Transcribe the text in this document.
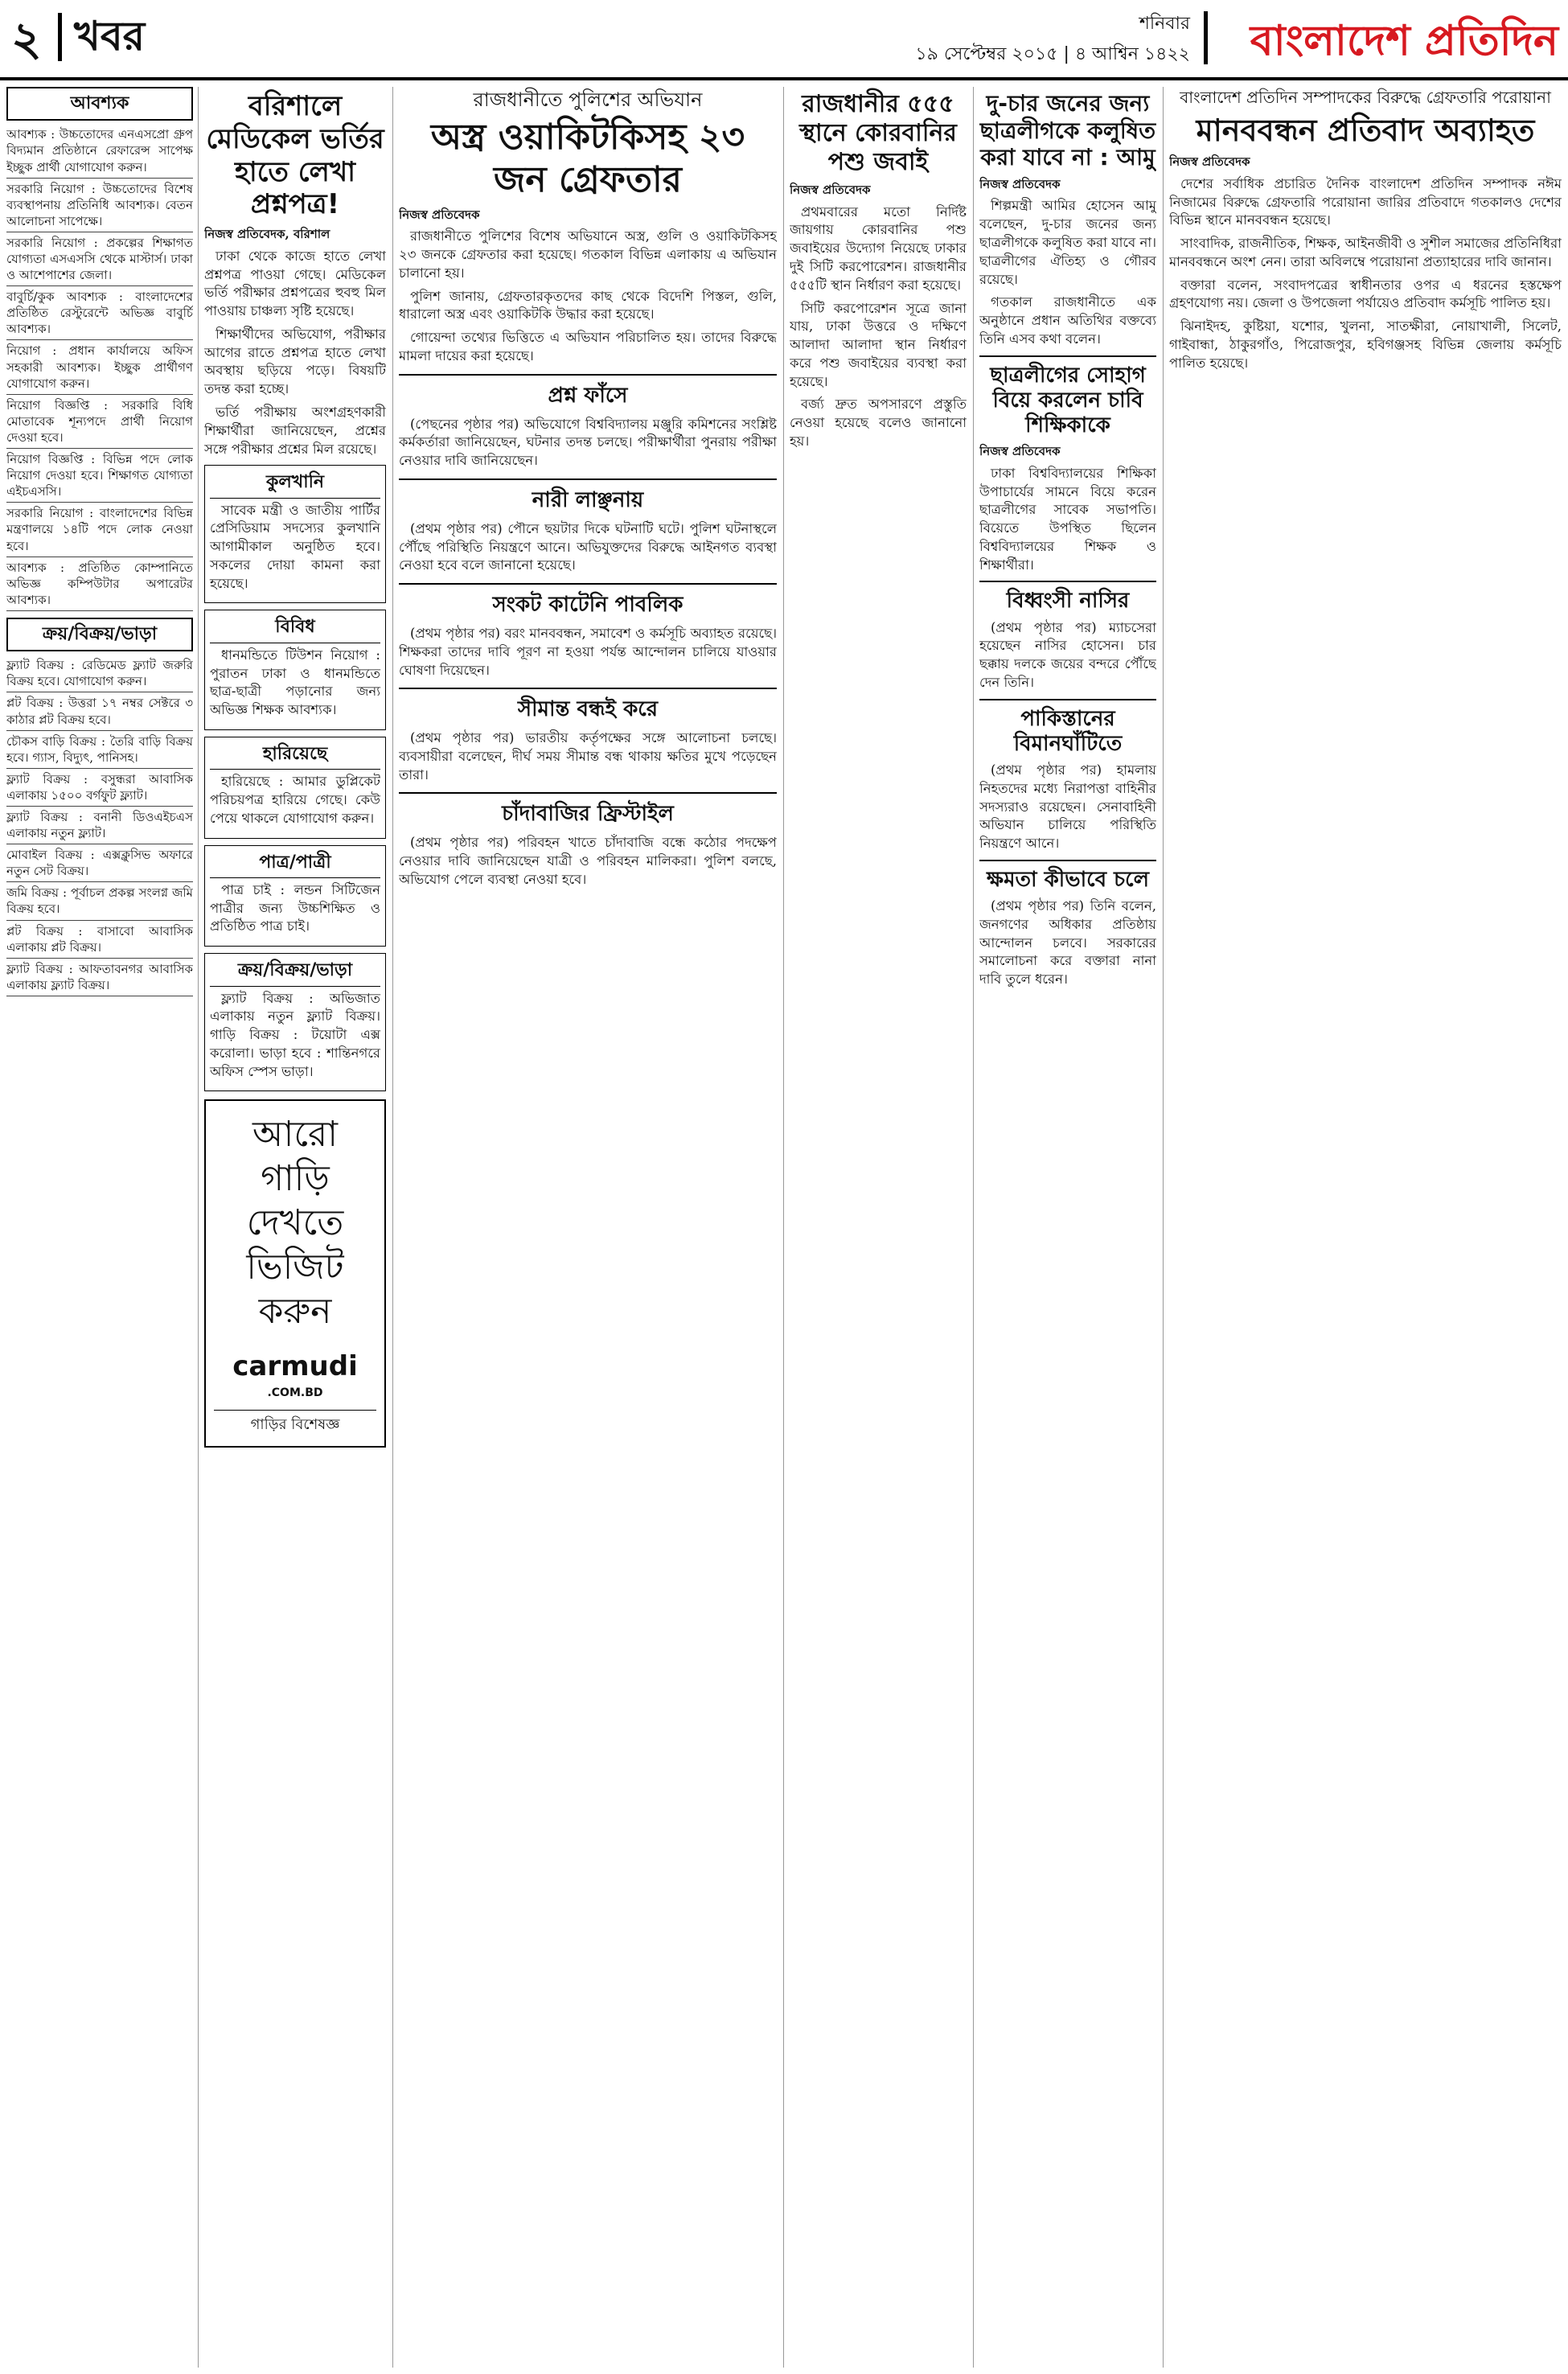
২ খবর	শনিবার
১৯ সেপ্টেম্বর ২০১৫ | ৪ আশ্বিন ১৪২২ বাংলাদেশ প্রতিদিন
আবশ্যক
আবশ্যক : উচ্চতোদের এনএসপ্রো গ্রুপ বিদ্যমান প্রতিষ্ঠানে রেফারেন্স সাপেক্ষ ইচ্ছুক প্রার্থী যোগাযোগ করুন।
সরকারি নিয়োগ : উচ্চতোদের বিশেষ ব্যবস্থাপনায় প্রতিনিধি আবশ্যক। বেতন আলোচনা সাপেক্ষে।
সরকারি নিয়োগ : প্রকল্পের শিক্ষাগত যোগ্যতা এসএসসি থেকে মাস্টার্স। ঢাকা ও আশেপাশের জেলা।
বাবুর্চি/কুক আবশ্যক : বাংলাদেশের প্রতিষ্ঠিত রেস্টুরেন্টে অভিজ্ঞ বাবুর্চি আবশ্যক।
নিয়োগ : প্রধান কার্যালয়ে অফিস সহকারী আবশ্যক। ইচ্ছুক প্রার্থীগণ যোগাযোগ করুন।
নিয়োগ বিজ্ঞপ্তি : সরকারি বিধি মোতাবেক শূন্যপদে প্রার্থী নিয়োগ দেওয়া হবে।
নিয়োগ বিজ্ঞপ্তি : বিভিন্ন পদে লোক নিয়োগ দেওয়া হবে। শিক্ষাগত যোগ্যতা এইচএসসি।
সরকারি নিয়োগ : বাংলাদেশের বিভিন্ন মন্ত্রণালয়ে ১৪টি পদে লোক নেওয়া হবে।
আবশ্যক : প্রতিষ্ঠিত কোম্পানিতে অভিজ্ঞ কম্পিউটার অপারেটর আবশ্যক।
ক্রয়/বিক্রয়/ভাড়া
ফ্ল্যাট বিক্রয় : রেডিমেড ফ্ল্যাট জরুরি বিক্রয় হবে। যোগাযোগ করুন।
প্লট বিক্রয় : উত্তরা ১৭ নম্বর সেক্টরে ৩ কাঠার প্লট বিক্রয় হবে।
চৌকস বাড়ি বিক্রয় : তৈরি বাড়ি বিক্রয় হবে। গ্যাস, বিদ্যুৎ, পানিসহ।
ফ্ল্যাট বিক্রয় : বসুন্ধরা আবাসিক এলাকায় ১৫০০ বর্গফুট ফ্ল্যাট।
ফ্ল্যাট বিক্রয় : বনানী ডিওএইচএস এলাকায় নতুন ফ্ল্যাট।
মোবাইল বিক্রয় : এক্সক্লুসিভ অফারে নতুন সেট বিক্রয়।
জমি বিক্রয় : পূর্বাচল প্রকল্প সংলগ্ন জমি বিক্রয় হবে।
প্লট বিক্রয় : বাসাবো আবাসিক এলাকায় প্লট বিক্রয়।
ফ্ল্যাট বিক্রয় : আফতাবনগর আবাসিক এলাকায় ফ্ল্যাট বিক্রয়।
বরিশালে মেডিকেল ভর্তির হাতে লেখা প্রশ্নপত্র!
নিজস্ব প্রতিবেদক, বরিশাল

ঢাকা থেকে কাজে হাতে লেখা প্রশ্নপত্র পাওয়া গেছে। মেডিকেল ভর্তি পরীক্ষার প্রশ্নপত্রের হুবহু মিল পাওয়ায় চাঞ্চল্য সৃষ্টি হয়েছে।

শিক্ষার্থীদের অভিযোগ, পরীক্ষার আগের রাতে প্রশ্নপত্র হাতে লেখা অবস্থায় ছড়িয়ে পড়ে। বিষয়টি তদন্ত করা হচ্ছে।

ভর্তি পরীক্ষায় অংশগ্রহণকারী শিক্ষার্থীরা জানিয়েছেন, প্রশ্নের সঙ্গে পরীক্ষার প্রশ্নের মিল রয়েছে।

কুলখানি

সাবেক মন্ত্রী ও জাতীয় পার্টির প্রেসিডিয়াম সদস্যের কুলখানি আগামীকাল অনুষ্ঠিত হবে। সকলের দোয়া কামনা করা হয়েছে।

বিবিধ

ধানমন্ডিতে টিউশন নিয়োগ : পুরাতন ঢাকা ও ধানমন্ডিতে ছাত্র-ছাত্রী পড়ানোর জন্য অভিজ্ঞ শিক্ষক আবশ্যক।

হারিয়েছে

হারিয়েছে : আমার ডুপ্লিকেট পরিচয়পত্র হারিয়ে গেছে। কেউ পেয়ে থাকলে যোগাযোগ করুন।

পাত্র/পাত্রী

পাত্র চাই : লন্ডন সিটিজেন পাত্রীর জন্য উচ্চশিক্ষিত ও প্রতিষ্ঠিত পাত্র চাই।

ক্রয়/বিক্রয়/ভাড়া

ফ্ল্যাট বিক্রয় : অভিজাত এলাকায় নতুন ফ্ল্যাট বিক্রয়। গাড়ি বিক্রয় : টয়োটা এক্স করোলা। ভাড়া হবে : শান্তিনগরে অফিস স্পেস ভাড়া।

আরো গাড়ি দেখতে ভিজিট করুন
carmudi
.COM.BD
গাড়ির বিশেষজ্ঞ
রাজধানীতে পুলিশের অভিযান
অস্ত্র ওয়াকিটকিসহ ২৩ জন গ্রেফতার
নিজস্ব প্রতিবেদক

রাজধানীতে পুলিশের বিশেষ অভিযানে অস্ত্র, গুলি ও ওয়াকিটকিসহ ২৩ জনকে গ্রেফতার করা হয়েছে। গতকাল বিভিন্ন এলাকায় এ অভিযান চালানো হয়।

পুলিশ জানায়, গ্রেফতারকৃতদের কাছ থেকে বিদেশি পিস্তল, গুলি, ধারালো অস্ত্র এবং ওয়াকিটকি উদ্ধার করা হয়েছে।

গোয়েন্দা তথ্যের ভিত্তিতে এ অভিযান পরিচালিত হয়। তাদের বিরুদ্ধে মামলা দায়ের করা হয়েছে।

প্রশ্ন ফাঁসে

(পেছনের পৃষ্ঠার পর) অভিযোগে বিশ্ববিদ্যালয় মঞ্জুরি কমিশনের সংশ্লিষ্ট কর্মকর্তারা জানিয়েছেন, ঘটনার তদন্ত চলছে। পরীক্ষার্থীরা পুনরায় পরীক্ষা নেওয়ার দাবি জানিয়েছেন।

নারী লাঞ্ছনায়

(প্রথম পৃষ্ঠার পর) পৌনে ছয়টার দিকে ঘটনাটি ঘটে। পুলিশ ঘটনাস্থলে পৌঁছে পরিস্থিতি নিয়ন্ত্রণে আনে। অভিযুক্তদের বিরুদ্ধে আইনগত ব্যবস্থা নেওয়া হবে বলে জানানো হয়েছে।

সংকট কাটেনি পাবলিক

(প্রথম পৃষ্ঠার পর) বরং মানববন্ধন, সমাবেশ ও কর্মসূচি অব্যাহত রয়েছে। শিক্ষকরা তাদের দাবি পূরণ না হওয়া পর্যন্ত আন্দোলন চালিয়ে যাওয়ার ঘোষণা দিয়েছেন।

সীমান্ত বন্ধই করে

(প্রথম পৃষ্ঠার পর) ভারতীয় কর্তৃপক্ষের সঙ্গে আলোচনা চলছে। ব্যবসায়ীরা বলেছেন, দীর্ঘ সময় সীমান্ত বন্ধ থাকায় ক্ষতির মুখে পড়েছেন তারা।

চাঁদাবাজির ফ্রিস্টাইল

(প্রথম পৃষ্ঠার পর) পরিবহন খাতে চাঁদাবাজি বন্ধে কঠোর পদক্ষেপ নেওয়ার দাবি জানিয়েছেন যাত্রী ও পরিবহন মালিকরা। পুলিশ বলছে, অভিযোগ পেলে ব্যবস্থা নেওয়া হবে।

রাজধানীর ৫৫৫ স্থানে কোরবানির পশু জবাই
নিজস্ব প্রতিবেদক

প্রথমবারের মতো নির্দিষ্ট জায়গায় কোরবানির পশু জবাইয়ের উদ্যোগ নিয়েছে ঢাকার দুই সিটি করপোরেশন। রাজধানীর ৫৫৫টি স্থান নির্ধারণ করা হয়েছে।

সিটি করপোরেশন সূত্রে জানা যায়, ঢাকা উত্তরে ও দক্ষিণে আলাদা আলাদা স্থান নির্ধারণ করে পশু জবাইয়ের ব্যবস্থা করা হয়েছে।

বর্জ্য দ্রুত অপসারণে প্রস্তুতি নেওয়া হয়েছে বলেও জানানো হয়।

দু-চার জনের জন্য ছাত্রলীগকে কলুষিত করা যাবে না : আমু
নিজস্ব প্রতিবেদক

শিল্পমন্ত্রী আমির হোসেন আমু বলেছেন, দু-চার জনের জন্য ছাত্রলীগকে কলুষিত করা যাবে না। ছাত্রলীগের ঐতিহ্য ও গৌরব রয়েছে।

গতকাল রাজধানীতে এক অনুষ্ঠানে প্রধান অতিথির বক্তব্যে তিনি এসব কথা বলেন।

ছাত্রলীগের সোহাগ বিয়ে করলেন চাবি শিক্ষিকাকে
নিজস্ব প্রতিবেদক

ঢাকা বিশ্ববিদ্যালয়ের শিক্ষিকা উপাচার্যের সামনে বিয়ে করেন ছাত্রলীগের সাবেক সভাপতি। বিয়েতে উপস্থিত ছিলেন বিশ্ববিদ্যালয়ের শিক্ষক ও শিক্ষার্থীরা।

বিধ্বংসী নাসির

(প্রথম পৃষ্ঠার পর) ম্যাচসেরা হয়েছেন নাসির হোসেন। চার ছক্কায় দলকে জয়ের বন্দরে পৌঁছে দেন তিনি।

পাকিস্তানের বিমানঘাঁটিতে

(প্রথম পৃষ্ঠার পর) হামলায় নিহতদের মধ্যে নিরাপত্তা বাহিনীর সদস্যরাও রয়েছেন। সেনাবাহিনী অভিযান চালিয়ে পরিস্থিতি নিয়ন্ত্রণে আনে।

ক্ষমতা কীভাবে চলে

(প্রথম পৃষ্ঠার পর) তিনি বলেন, জনগণের অধিকার প্রতিষ্ঠায় আন্দোলন চলবে। সরকারের সমালোচনা করে বক্তারা নানা দাবি তুলে ধরেন।

বাংলাদেশ প্রতিদিন সম্পাদকের বিরুদ্ধে গ্রেফতারি পরোয়ানা
মানববন্ধন প্রতিবাদ অব্যাহত
নিজস্ব প্রতিবেদক

দেশের সর্বাধিক প্রচারিত দৈনিক বাংলাদেশ প্রতিদিন সম্পাদক নঈম নিজামের বিরুদ্ধে গ্রেফতারি পরোয়ানা জারির প্রতিবাদে গতকালও দেশের বিভিন্ন স্থানে মানববন্ধন হয়েছে।

সাংবাদিক, রাজনীতিক, শিক্ষক, আইনজীবী ও সুশীল সমাজের প্রতিনিধিরা মানববন্ধনে অংশ নেন। তারা অবিলম্বে পরোয়ানা প্রত্যাহারের দাবি জানান।

বক্তারা বলেন, সংবাদপত্রের স্বাধীনতার ওপর এ ধরনের হস্তক্ষেপ গ্রহণযোগ্য নয়। জেলা ও উপজেলা পর্যায়েও প্রতিবাদ কর্মসূচি পালিত হয়।

ঝিনাইদহ, কুষ্টিয়া, যশোর, খুলনা, সাতক্ষীরা, নোয়াখালী, সিলেট, গাইবান্ধা, ঠাকুরগাঁও, পিরোজপুর, হবিগঞ্জসহ বিভিন্ন জেলায় কর্মসূচি পালিত হয়েছে।
